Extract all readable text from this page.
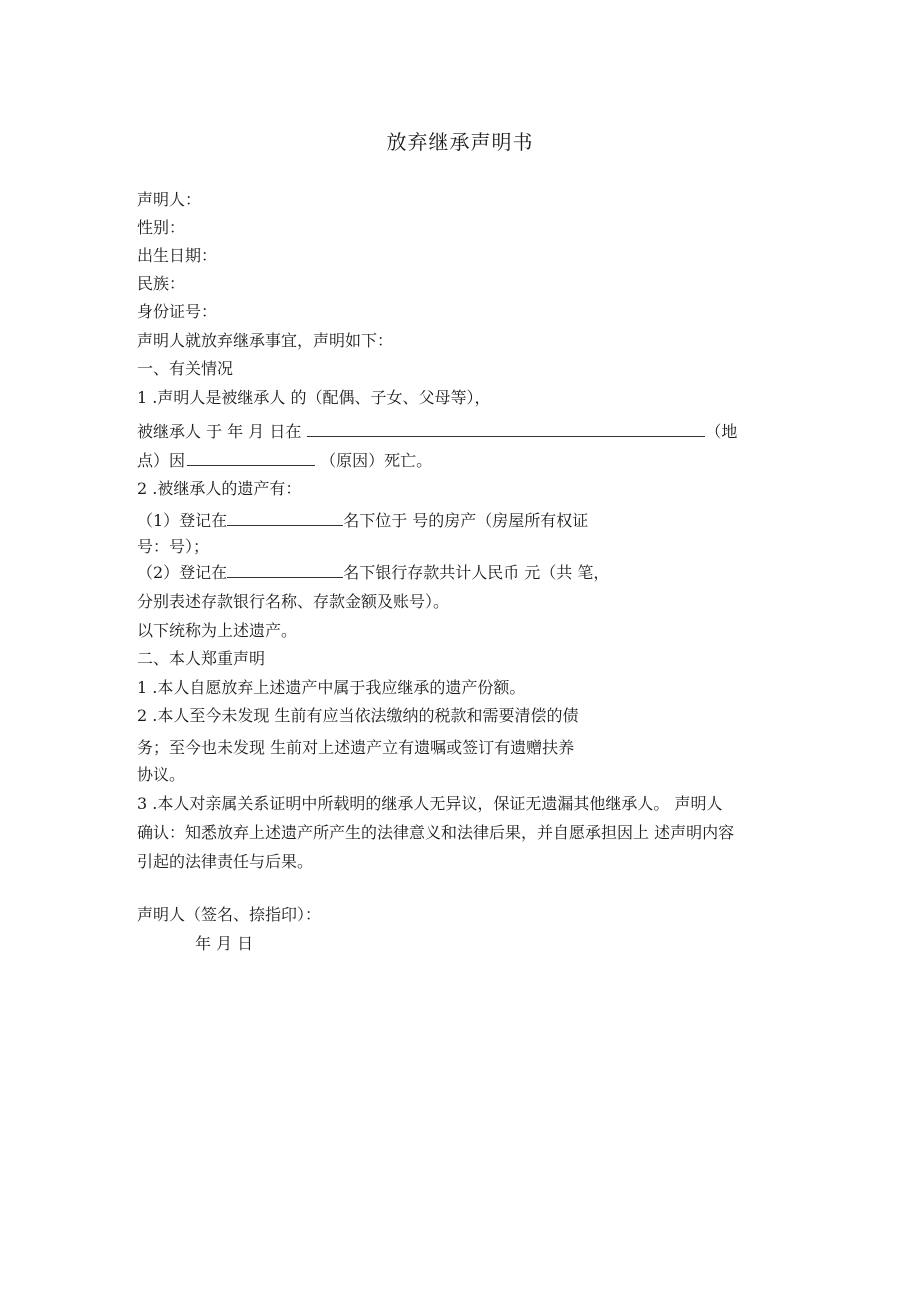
放弃继承声明书
声明人：
性别：
出生日期：
民族：
身份证号：
声明人就放弃继承事宜，声明如下：
一、有关情况
1 .声明人是被继承人 的（配偶、子女、父母等），
被继承人 于 年 月 日在	（地
点）因	（原因）死亡。
2 .被继承人的遗产有：
（1）登记在	名下位于 号的房产（房屋所有权证
号：号）；
（2）登记在	名下银行存款共计人民币 元（共 笔，
分别表述存款银行名称、存款金额及账号）。
以下统称为上述遗产。
二、本人郑重声明
1 .本人自愿放弃上述遗产中属于我应继承的遗产份额。
2 .本人至今未发现 生前有应当依法缴纳的税款和需要清偿的债
务；至今也未发现 生前对上述遗产立有遗嘱或签订有遗赠扶养
协议。
3 .本人对亲属关系证明中所载明的继承人无异议，保证无遗漏其他继承人。 声明人
确认：知悉放弃上述遗产所产生的法律意义和法律后果，并自愿承担因上 述声明内容
引起的法律责任与后果。
声明人（签名、捺指印）：
年 月 日
